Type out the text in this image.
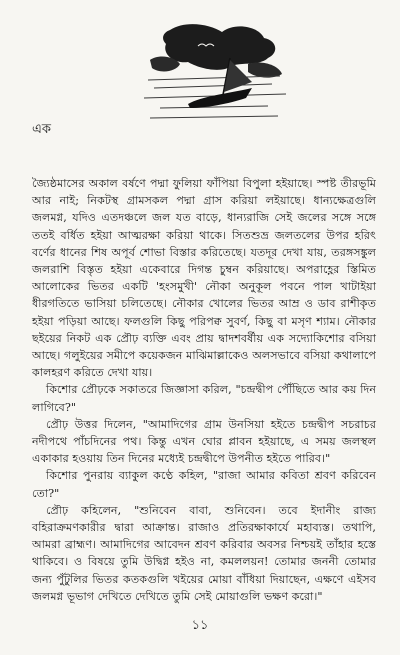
এক

জ্যৈষ্ঠমাসের অকাল বর্ষণে পদ্মা ফুলিয়া ফাঁপিয়া বিপুলা হইয়াছে। স্পষ্ট তীরভূমি আর নাই; নিকটস্থ গ্রামসকল পদ্মা গ্রাস করিয়া লইয়াছে। ধান্যক্ষেত্রগুলি জলমগ্ন, যদিও এতদঞ্চলে জল যত বাড়ে, ধান্যরাজি সেই জলের সঙ্গে সঙ্গে ততই বর্ধিত হইয়া আত্মরক্ষা করিয়া থাকে। সিতশুভ্র জলতলের উপর হরিৎ বর্ণের ধানের শিষ অপূর্ব শোভা বিস্তার করিতেছে। যতদূর দেখা যায়, তরঙ্গসঙ্কুল জলরাশি বিস্তৃত হইয়া একেবারে দিগন্ত চুম্বন করিয়াছে। অপরাহ্ণের স্তিমিত আলোকের ভিতর একটি 'হংসমুখী' নৌকা অনুকূল পবনে পাল খাটাইয়া ধীরগতিতে ভাসিয়া চলিতেছে। নৌকার খোলের ভিতর আম্র ও ডাব রাশীকৃত হইয়া পড়িয়া আছে। ফলগুলি কিছু পরিপক্ব সুবর্ণ, কিছু বা মসৃণ শ্যাম। নৌকার ছইয়ের নিকট এক প্রৌঢ় ব্যক্তি এবং প্রায় দ্বাদশবর্ষীয় এক সদ্যোকিশোর বসিয়া আছে। গলুইয়ের সমীপে কয়েকজন মাঝিমাল্লাকেও অলসভাবে বসিয়া কথালাপে কালহরণ করিতে দেখা যায়।

কিশোর প্রৌঢ়কে সকাতরে জিজ্ঞাসা করিল, "চন্দ্রদ্বীপ পৌঁছিতে আর কয় দিন লাগিবে?"

প্রৌঢ় উত্তর দিলেন, "আমাদিগের গ্রাম উনসিয়া হইতে চন্দ্রদ্বীপ সচরাচর নদীপথে পাঁচদিনের পথ। কিন্তু এখন ঘোর প্লাবন হইয়াছে, এ সময় জলস্থল একাকার হওয়ায় তিন দিনের মধ্যেই চন্দ্রদ্বীপে উপনীত হইতে পারিব।"

কিশোর পুনরায় ব্যাকুল কণ্ঠে কহিল, "রাজা আমার কবিতা শ্রবণ করিবেন তো?"

প্রৌঢ় কহিলেন, "শুনিবেন বাবা, শুনিবেন। তবে ইদানীং রাজ্য বহিরাক্রমণকারীর দ্বারা আক্রান্ত। রাজাও প্রতিরক্ষাকার্যে মহাব্যস্ত। তথাপি, আমরা ব্রাহ্মণ। আমাদিগের আবেদন শ্রবণ করিবার অবসর নিশ্চয়ই তাঁহার হস্তে থাকিবে। ও বিষয়ে তুমি উদ্বিগ্ন হইও না, কমললয়ন! তোমার জননী তোমার জন্য পুঁটুলির ভিতর কতকগুলি খইয়ের মোয়া বাঁধিয়া দিয়াছেন, এক্ষণে এইসব জলমগ্ন ভূভাগ দেখিতে দেখিতে তুমি সেই মোয়াগুলি ভক্ষণ করো।"

১১
